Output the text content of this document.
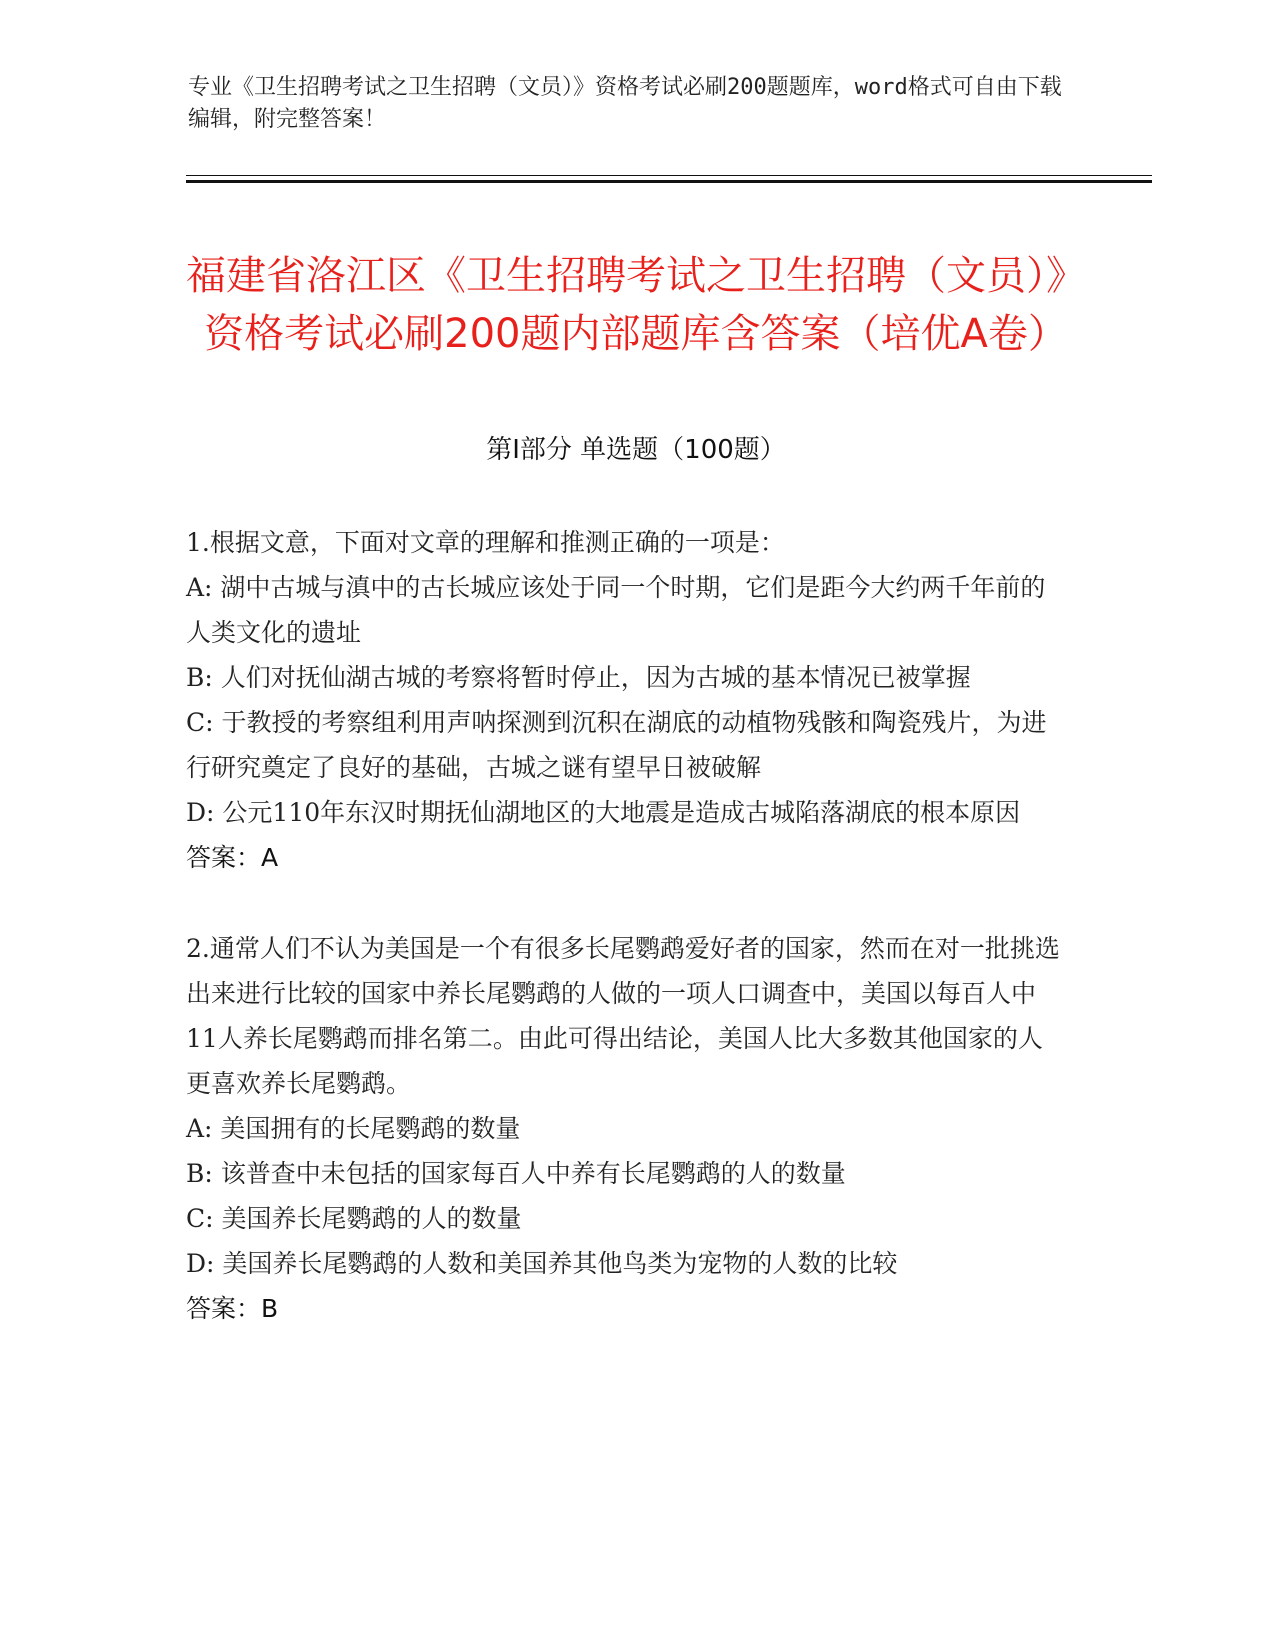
专业《卫生招聘考试之卫生招聘（文员）》资格考试必刷200题题库，word格式可自由下载编辑，附完整答案！
福建省洛江区《卫生招聘考试之卫生招聘（文员）》资格考试必刷200题内部题库含答案（培优A卷）
第I部分 单选题（100题）
1.根据文意，下面对文章的理解和推测正确的一项是：
A: 湖中古城与滇中的古长城应该处于同一个时期，它们是距今大约两千年前的人类文化的遗址
B: 人们对抚仙湖古城的考察将暂时停止，因为古城的基本情况已被掌握
C: 于教授的考察组利用声呐探测到沉积在湖底的动植物残骸和陶瓷残片，为进行研究奠定了良好的基础，古城之谜有望早日被破解
D: 公元110年东汉时期抚仙湖地区的大地震是造成古城陷落湖底的根本原因
答案：A
2.通常人们不认为美国是一个有很多长尾鹦鹉爱好者的国家，然而在对一批挑选出来进行比较的国家中养长尾鹦鹉的人做的一项人口调查中，美国以每百人中11人养长尾鹦鹉而排名第二。由此可得出结论，美国人比大多数其他国家的人更喜欢养长尾鹦鹉。
A: 美国拥有的长尾鹦鹉的数量
B: 该普查中未包括的国家每百人中养有长尾鹦鹉的人的数量
C: 美国养长尾鹦鹉的人的数量
D: 美国养长尾鹦鹉的人数和美国养其他鸟类为宠物的人数的比较
答案：B
